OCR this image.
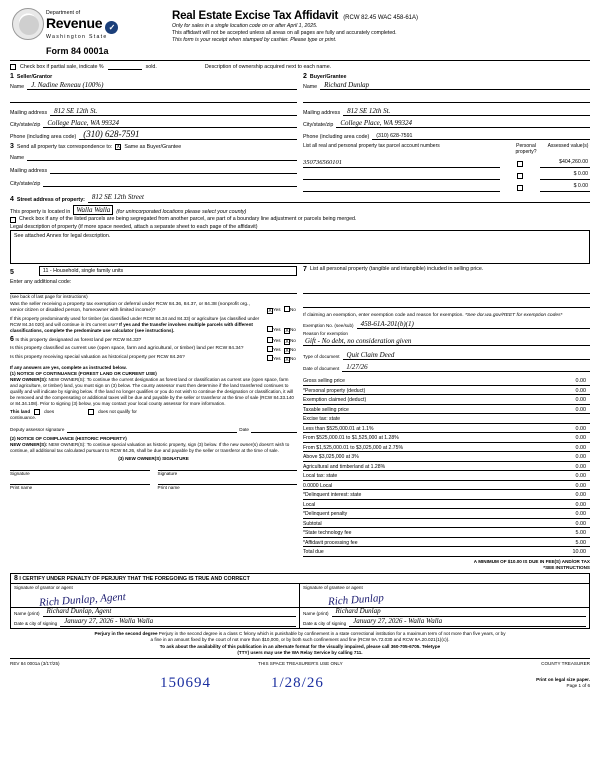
Department of
Revenue ✓
Washington State
Form 84 0001a
Real Estate Excise Tax Affidavit (RCW 82.45 WAC 458-61A)
Only for sales in a single location code on or after April 1, 2025.
This affidavit will not be accepted unless all areas on all pages are fully and accurately completed.
This form is your receipt when stamped by cashier. Please type or print.
Check box if partial sale, indicate %	sold.	Description of ownership acquired next to each name.
1 Seller/Grantor
Name J. Nadine Reneau (100%)
Mailing address 812 SE 12th St.
City/state/zip College Place, WA 99324
Phone (including area code) (310) 628-7591
2 Buyer/Grantee
Name Richard Dunlap
Mailing address 812 SE 12th St.
City/state/zip College Place, WA 99324
Phone (including area code) (310) 628-7591
3 Send all property tax correspondence to: X Same as Buyer/Grantee
Name
Mailing address
City/state/zip
List all real and personal property tax parcel account numbers	Personal property?
Assessed value(s)
350736560101	$404,260.00
$ 0.00
$ 0.00
4 Street address of property: 812 SE 12th Street
This property is located in Walla Walla	(for unincorporated locations please select your county)
Check box if any of the listed parcels are being segregated from another parcel, are part of a boundary line adjustment or parcels being merged.
Legal description of property (if more space needed, attach a separate sheet to each page of the affidavit)
See attached Annex for legal description.
5	11 - Household, single family units
Enter any additional code:
(see back of last page for instructions)
Was the seller receiving a property tax exemption or deferral under RCW 84.36, 84.37, or 84.38 (nonprofit org., senior citizen or disabled person, homeowner with limited income)? X	Yes No
If this property predominantly used for timber (as classified under RCW 84.34 and 84.33) or agriculture (as classified under RCW 84.34 020) and will continue in it's current use? If yes and the transfer involves multiple parcels with different classifications, complete the predominate use calculator (see instructions).	Yes X No
6 Is this property designated as forest land per RCW 84.33?	Yes X No
Is this property classified as current use (open space, farm and agricultural, or timber) land per RCW 84.34?	Yes X No
Is this property receiving special valuation as historical property per RCW 84.26?	Yes X No
If any answers are yes, complete as instructed below.
(1) NOTICE OF CONTINUANCE (FOREST LAND OR CURRENT USE)
NEW OWNER(S): NEW OWNER(S): To continue the current designation as forest land or classification as current use (open space, farm and agriculture, or timber) land, you must sign on (3) below. The county assessor must then determine if the land transferred continues to qualify and will indicate by signing below. If the land no longer qualifies or you do not wish to continue the designation or classification, it will be removed and the compensating or additional taxes will be due and payable by the seller or transferor at the time of sale (RCW 84.33.140 or 84.34.108). Prior to signing (3) below, you may contact your local county assessor for more information.
This land	does	does not qualify for
continuance.
Deputy assessor signature	Date
(2) NOTICE OF COMPLIANCE (HISTORIC PROPERTY)
NEW OWNER(S): NEW OWNER(S): To continue special valuation as historic property, sign (3) below. If the new owner(s) doesn't wish to continue, all additional tax calculated pursuant to RCW 84.26, shall be due and payable by the seller or transferor at the time of sale.
(3) NEW OWNER(S) SIGNATURE
Signature	Signature
Print name	Print name
7 List all personal property (tangible and intangible) included in selling price.
If claiming an exemption, enter exemption code and reason for exemption. *See dor.wa.gov/REET for exemption codes*
Exemption No. (see/sub) 458-61A-201(b)(1)
Reason for exemption
Gift - No debt, no consideration given
Type of document Quit Claim Deed
Date of document 1/27/26
Gross selling price	0.00
*Personal property (deduct)	0.00
Exemption claimed (deduct)	0.00
Taxable selling price	0.00
Excise tax: state
Less than $525,000.01 at 1.1%	0.00
From $525,000.01 to $1,525,000 at 1.28%	0.00
From $1,525,000.01 to $3,025,000 at 2.75%	0.00
Above $3,025,000 at 3%	0.00
Agricultural and timberland at 1.28%	0.00
Local tax: state	0.00
0.0000 Local	0.00
*Delinquent interest: state	0.00
Local	0.00
*Delinquent penalty	0.00
Subtotal	0.00
*State technology fee	5.00
*Affidavit processing fee	5.00
Total due	10.00
A MINIMUM OF $10.00 IS DUE IN FEE(S) AND/OR TAX
*SEE INSTRUCTIONS
8 I CERTIFY UNDER PENALTY OF PERJURY THAT THE FOREGOING IS TRUE AND CORRECT
Signature of grantor or agent
Rich Dunlap, Agent
Name (print) Richard Dunlap, Agent
Date & city of signing January 27, 2026 - Walla Walla
Signature of grantee or agent
Rich Dunlap
Name (print) Richard Dunlap
Date & city of signing January 27, 2026 - Walla Walla
Perjury in the second degree Perjury in the second degree is a class C felony which is punishable by confinement in a state correctional institution for a maximum term of not more than five years, or by
a fine in an amount fixed by the court of not more than $10,000, or by both such confinement and fine (RCW 9A.72.030 and RCW 9A.20.021(1)(c)).
To ask about the availability of this publication in an alternate format for the visually impaired, please call 360-705-6705. Teletype
(TTY) users may use the WA Relay Service by calling 711.
REV 84 0001a (3/17/25)	THIS SPACE TREASURER'S USE ONLY	COUNTY TREASURER
150694	1/28/26	Print on legal size paper.
Page 1 of 6
